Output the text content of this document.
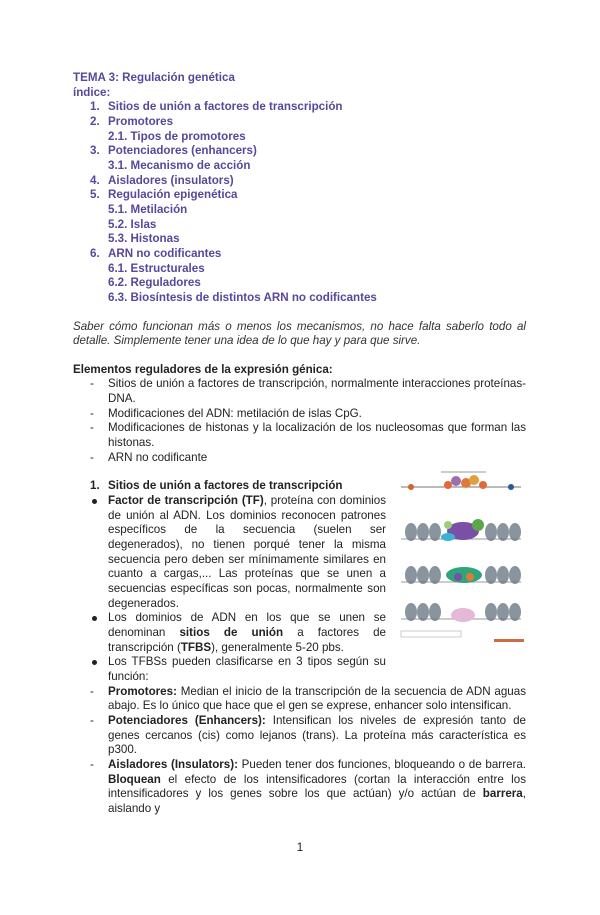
TEMA 3: Regulación genética
índice:
1. Sitios de unión a factores de transcripción
2. Promotores
2.1. Tipos de promotores
3. Potenciadores (enhancers)
3.1. Mecanismo de acción
4. Aisladores (insulators)
5. Regulación epigenética
5.1. Metilación
5.2. Islas
5.3. Histonas
6. ARN no codificantes
6.1. Estructurales
6.2. Reguladores
6.3. Biosíntesis de distintos ARN no codificantes
Saber cómo funcionan más o menos los mecanismos, no hace falta saberlo todo al detalle. Simplemente tener una idea de lo que hay y para que sirve.
Elementos reguladores de la expresión génica:
- Sitios de unión a factores de transcripción, normalmente interacciones proteínas-DNA.
- Modificaciones del ADN: metilación de islas CpG.
- Modificaciones de histonas y la localización de los nucleosomas que forman las histonas.
- ARN no codificante
1. Sitios de unión a factores de transcripción
Factor de transcripción (TF), proteína con dominios de unión al ADN. Los dominios reconocen patrones específicos de la secuencia (suelen ser degenerados), no tienen porqué tener la misma secuencia pero deben ser mínimamente similares en cuanto a cargas,... Las proteínas que se unen a secuencias específicas son pocas, normalmente son degenerados.
Los dominios de ADN en los que se unen se denominan sitios de unión a factores de transcripción (TFBS), generalmente 5-20 pbs.
Los TFBSs pueden clasificarse en 3 tipos según su función:
- Promotores: Median el inicio de la transcripción de la secuencia de ADN aguas abajo. Es lo único que hace que el gen se exprese, enhancer solo intensifican.
- Potenciadores (Enhancers): Intensifican los niveles de expresión tanto de genes cercanos (cis) como lejanos (trans). La proteína más característica es p300.
- Aisladores (Insulators): Pueden tener dos funciones, bloqueando o de barrera. Bloquean el efecto de los intensificadores (cortan la interacción entre los intensificadores y los genes sobre los que actúan) y/o actúan de barrera, aislando y
1
